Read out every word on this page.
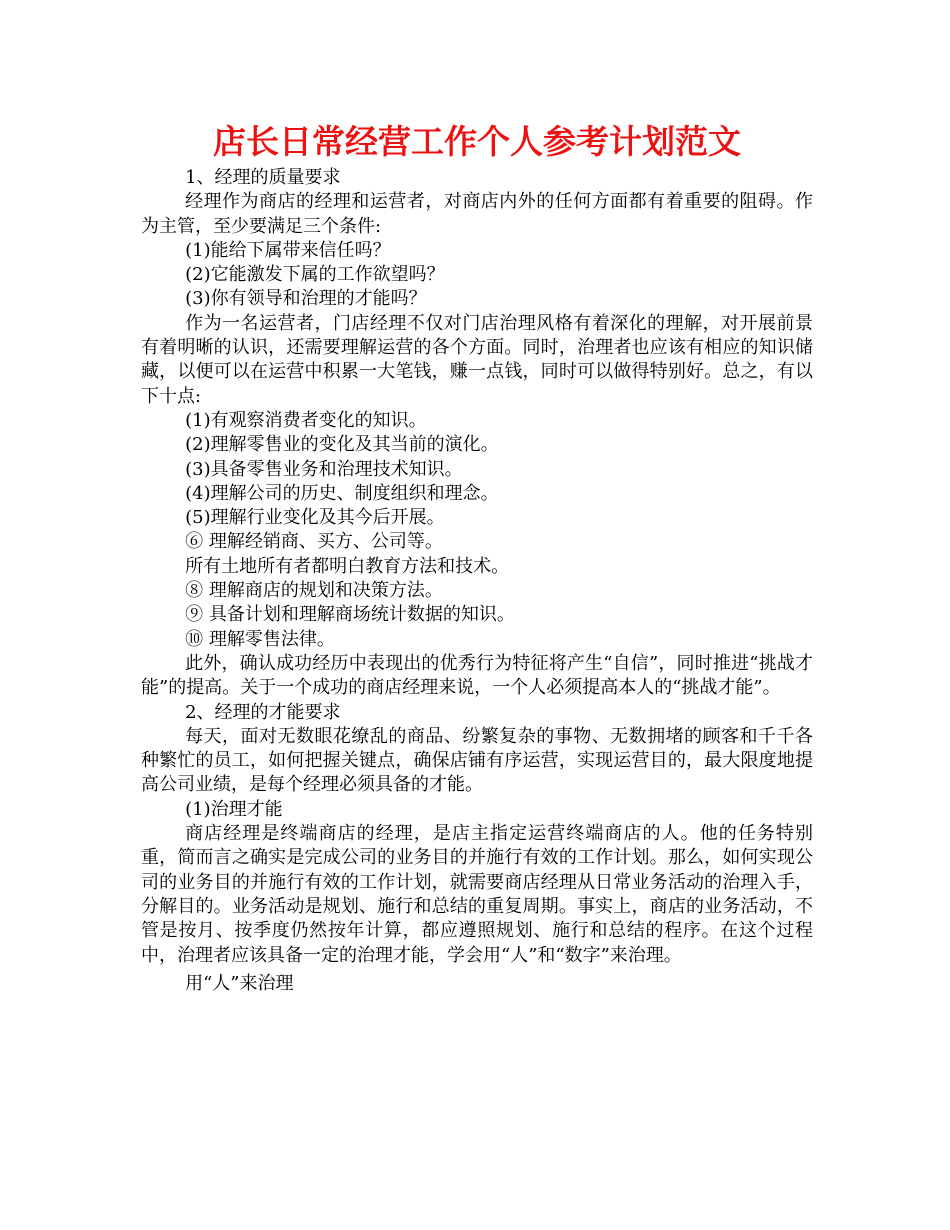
店长日常经营工作个人参考计划范文

1、经理的质量要求

经理作为商店的经理和运营者，对商店内外的任何方面都有着重要的阻碍。作为主管，至少要满足三个条件:

(1)能给下属带来信任吗？

(2)它能激发下属的工作欲望吗？

(3)你有领导和治理的才能吗？

作为一名运营者，门店经理不仅对门店治理风格有着深化的理解，对开展前景有着明晰的认识，还需要理解运营的各个方面。同时，治理者也应该有相应的知识储藏，以便可以在运营中积累一大笔钱，赚一点钱，同时可以做得特别好。总之，有以下十点:

(1)有观察消费者变化的知识。

(2)理解零售业的变化及其当前的演化。

(3)具备零售业务和治理技术知识。

(4)理解公司的历史、制度组织和理念。

(5)理解行业变化及其今后开展。

⑥ 理解经销商、买方、公司等。

所有土地所有者都明白教育方法和技术。

⑧ 理解商店的规划和决策方法。

⑨ 具备计划和理解商场统计数据的知识。

⑩ 理解零售法律。

此外，确认成功经历中表现出的优秀行为特征将产生“自信”，同时推进“挑战才能”的提高。关于一个成功的商店经理来说，一个人必须提高本人的“挑战才能”。

2、经理的才能要求

每天，面对无数眼花缭乱的商品、纷繁复杂的事物、无数拥堵的顾客和千千各种繁忙的员工，如何把握关键点，确保店铺有序运营，实现运营目的，最大限度地提高公司业绩，是每个经理必须具备的才能。

(1)治理才能

商店经理是终端商店的经理，是店主指定运营终端商店的人。他的任务特别重，简而言之确实是完成公司的业务目的并施行有效的工作计划。那么，如何实现公司的业务目的并施行有效的工作计划，就需要商店经理从日常业务活动的治理入手，分解目的。业务活动是规划、施行和总结的重复周期。事实上，商店的业务活动，不管是按月、按季度仍然按年计算，都应遵照规划、施行和总结的程序。在这个过程中，治理者应该具备一定的治理才能，学会用“人”和“数字”来治理。

用“人”来治理
